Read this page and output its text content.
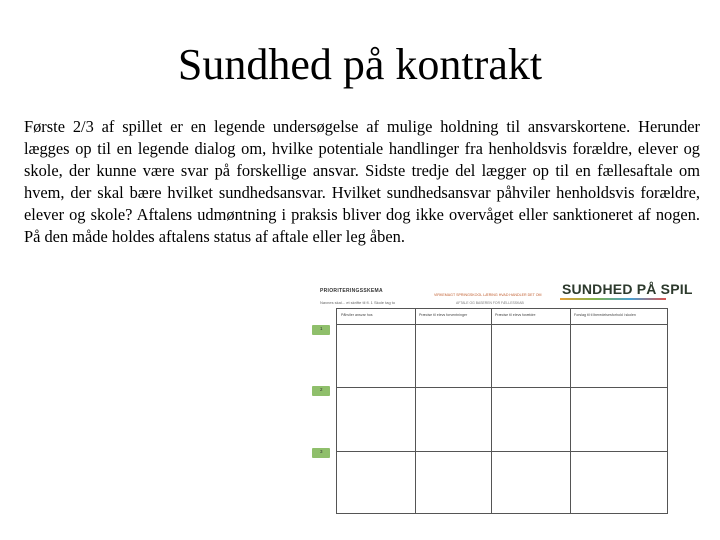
Sundhed på kontrakt

Første 2/3 af spillet er en legende undersøgelse af mulige holdning til ansvarskortene. Herunder lægges op til en legende dialog om, hvilke potentiale handlinger fra henholdsvis forældre, elever og skole, der kunne være svar på forskellige ansvar. Sidste tredje del lægger op til en fællesaftale om hvem, der skal bære hvilket sundhedsansvar. Hvilket sundhedsansvar påhviler henholdsvis forældre, elever og skole? Aftalens udmøntning i praksis bliver dog ikke overvåget eller sanktioneret af nogen. På den måde holdes aftalens status af aftale eller leg åben.

PRIORITERINGSSKEMA
Navnes skal... et skrifte til fl. 1 Skole tag to
VIRKEMAGT SPRINGSKOOL LÆRING HVAD HANDLER DET OM
AFTALE OG BASEREN FOR FÆLLESSKAB
SUNDHED PÅ SPIL
Påhviler ansvar hos	Præcise til elevs forventninger	Præcise til elevs forældre	Forslag til ti lberedelsesforhold i skolen
1
2
3
